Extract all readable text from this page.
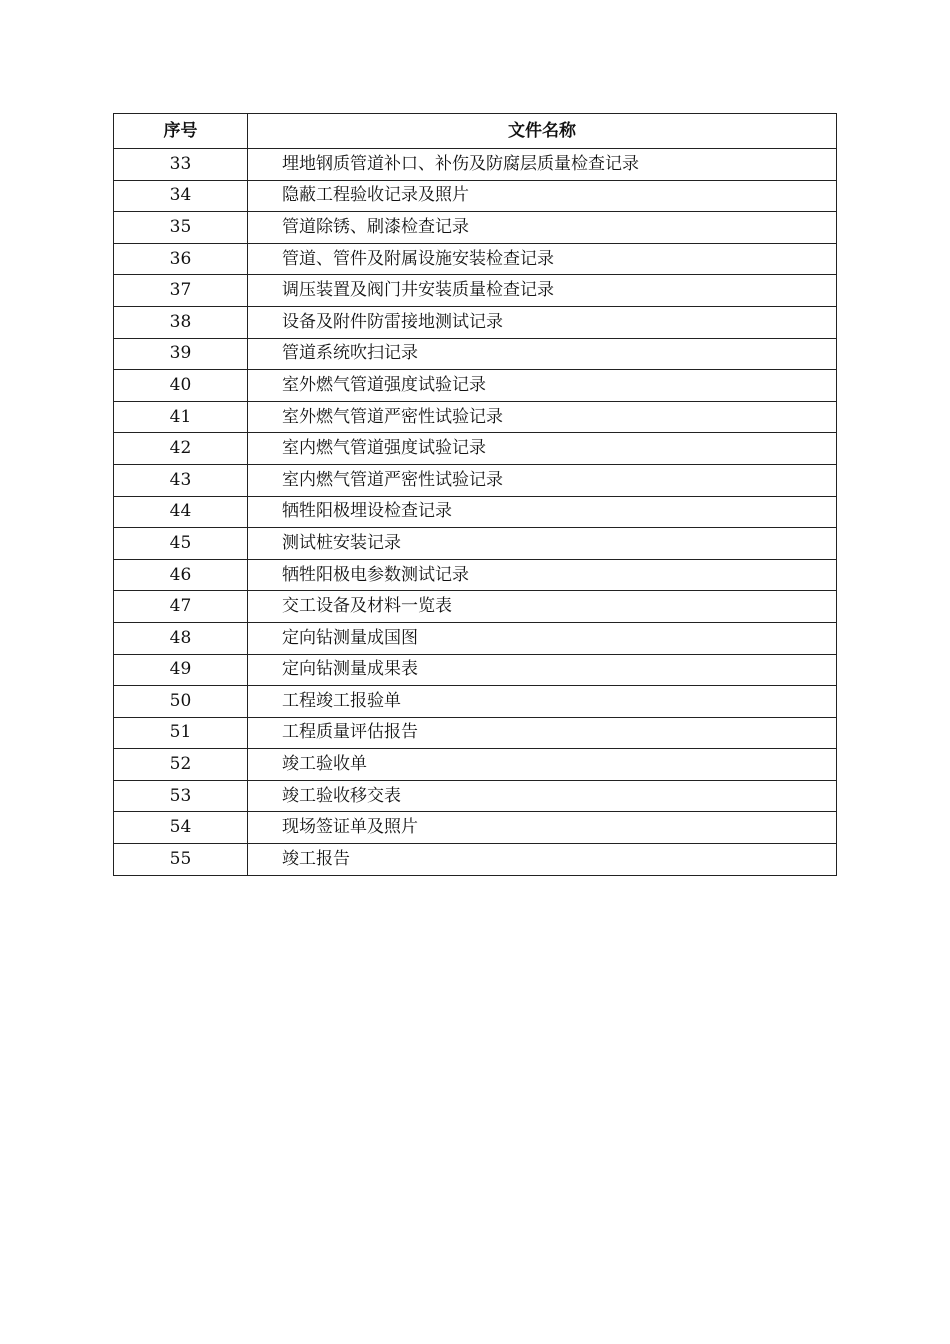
序号	文件名称
33	埋地钢质管道补口、补伤及防腐层质量检查记录
34	隐蔽工程验收记录及照片
35	管道除锈、刷漆检查记录
36	管道、管件及附属设施安装检查记录
37	调压装置及阀门井安装质量检查记录
38	设备及附件防雷接地测试记录
39	管道系统吹扫记录
40	室外燃气管道强度试验记录
41	室外燃气管道严密性试验记录
42	室内燃气管道强度试验记录
43	室内燃气管道严密性试验记录
44	牺牲阳极埋设检查记录
45	测试桩安装记录
46	牺牲阳极电参数测试记录
47	交工设备及材料一览表
48	定向钻测量成国图
49	定向钻测量成果表
50	工程竣工报验单
51	工程质量评估报告
52	竣工验收单
53	竣工验收移交表
54	现场签证单及照片
55	竣工报告
